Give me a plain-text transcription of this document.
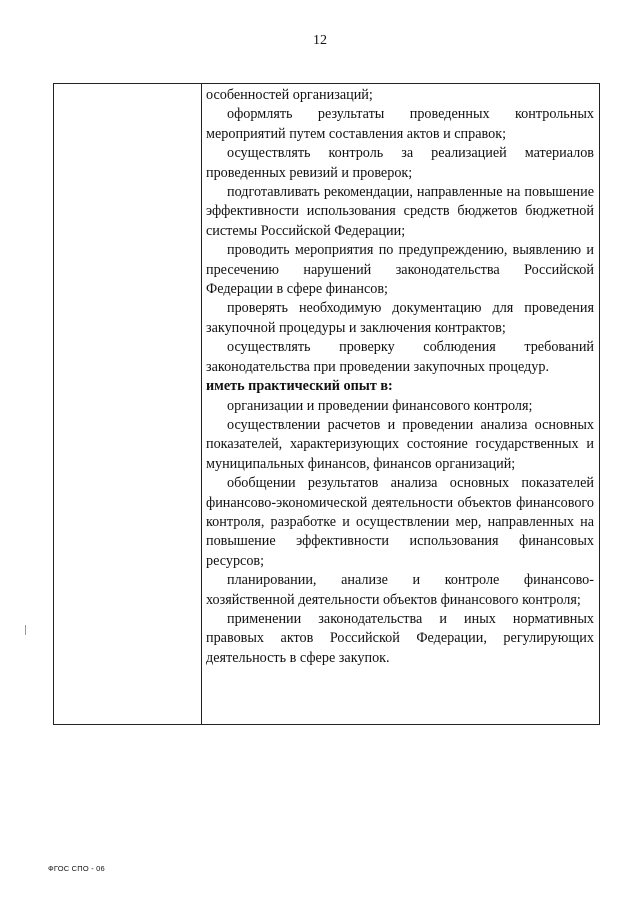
12

особенностей организаций;

оформлять результаты проведенных контрольных мероприятий путем составления актов и справок;

осуществлять контроль за реализацией материалов проведенных ревизий и проверок;

подготавливать рекомендации, направленные на повышение эффективности использования средств бюджетов бюджетной системы Российской Федерации;

проводить мероприятия по предупреждению, выявлению и пресечению нарушений законодательства Российской Федерации в сфере финансов;

проверять необходимую документацию для проведения закупочной процедуры и заключения контрактов;

осуществлять проверку соблюдения требований законодательства при проведении закупочных процедур.

иметь практический опыт в:

организации и проведении финансового контроля;

осуществлении расчетов и проведении анализа основных показателей, характеризующих состояние государственных и муниципальных финансов, финансов организаций;

обобщении результатов анализа основных показателей финансово-экономической деятельности объектов финансового контроля, разработке и осуществлении мер, направленных на повышение эффективности использования финансовых ресурсов;

планировании, анализе и контроле финансово-хозяйственной деятельности объектов финансового контроля;

применении законодательства и иных нормативных правовых актов Российской Федерации, регулирующих деятельность в сфере закупок.

ФГОС СПО - 06
